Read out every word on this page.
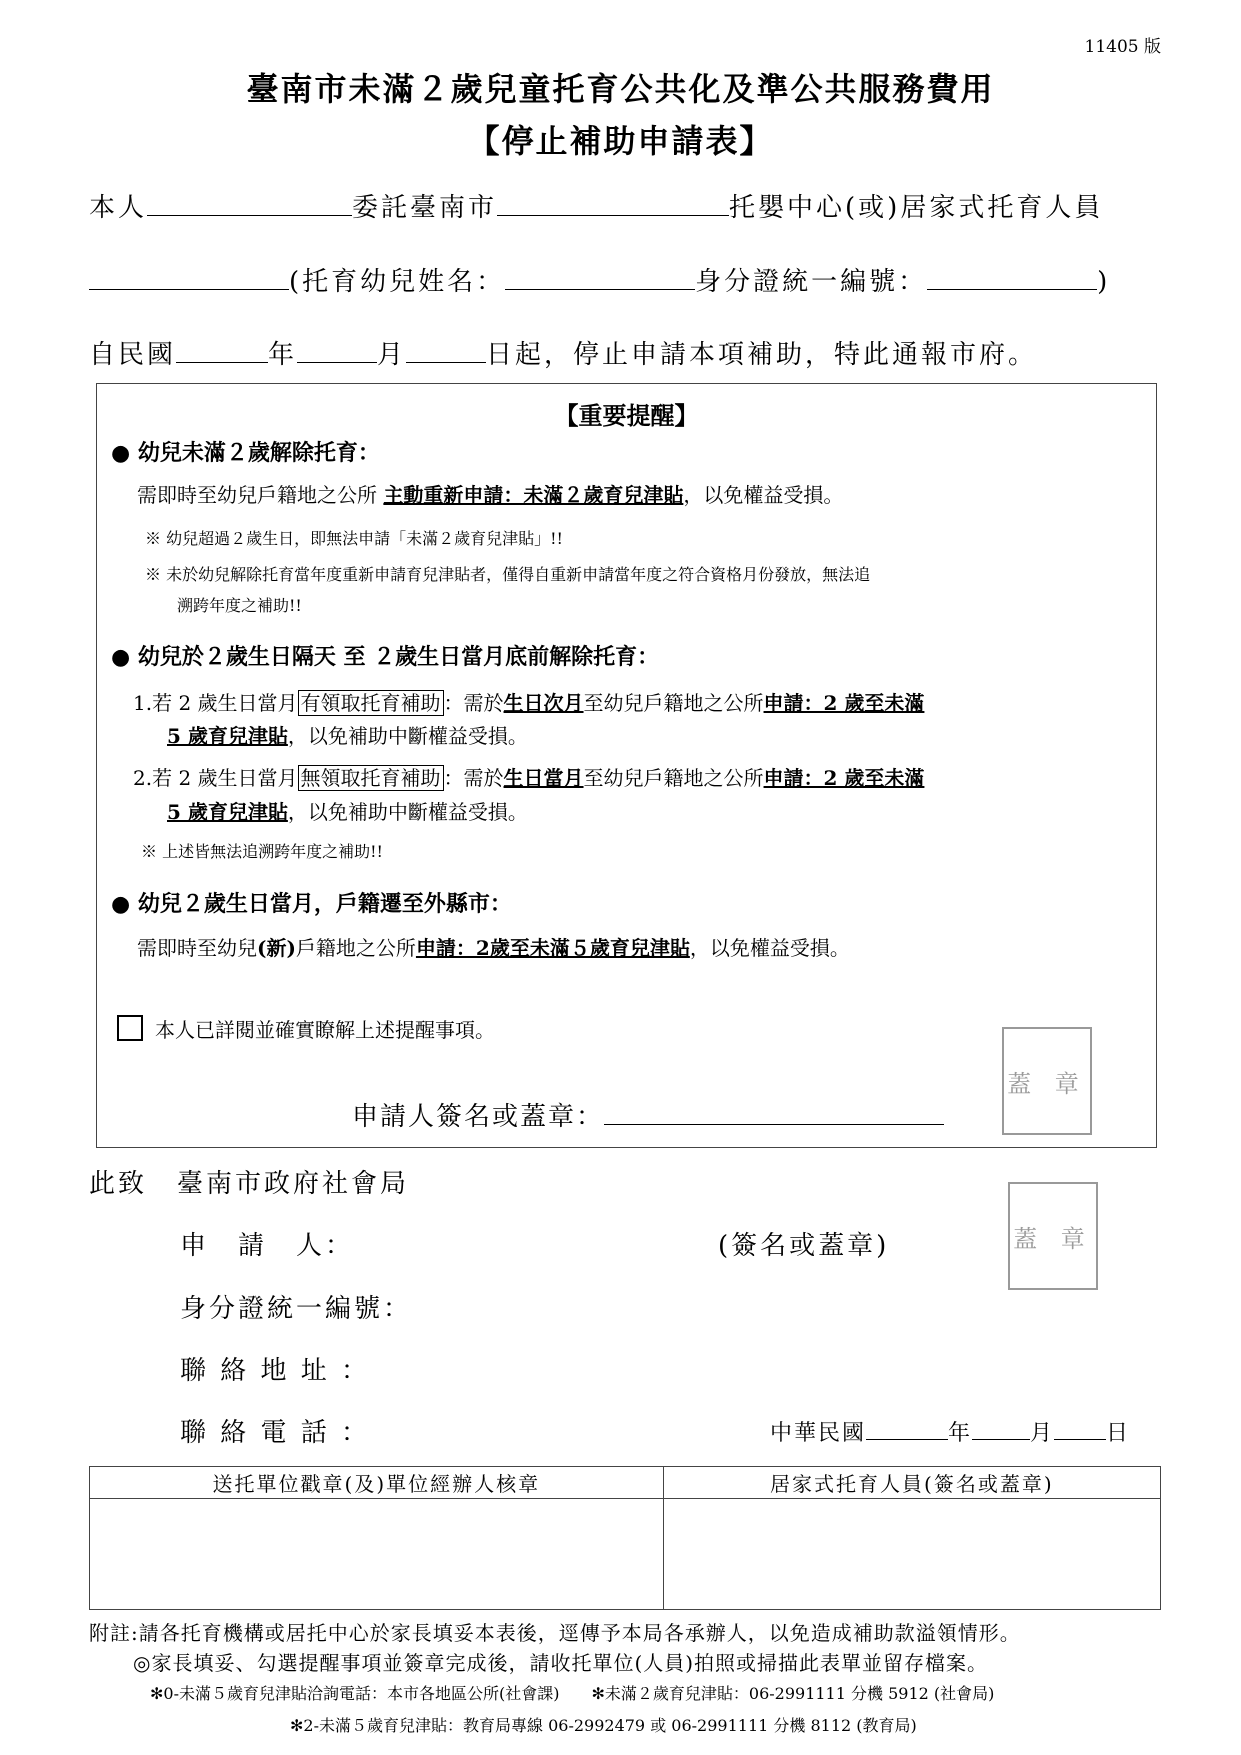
11405 版
臺南市未滿２歲兒童托育公共化及準公共服務費用
【停止補助申請表】
本人	委託臺南市	托嬰中心(或)居家式托育人員
(托育幼兒姓名：	身分證統一編號：	)
自民國	年	月	日起，停止申請本項補助，特此通報市府。
【重要提醒】
● 幼兒未滿２歲解除托育：
需即時至幼兒戶籍地之公所 主動重新申請：未滿２歲育兒津貼，以免權益受損。
※ 幼兒超過２歲生日，即無法申請「未滿２歲育兒津貼」!!
※ 未於幼兒解除托育當年度重新申請育兒津貼者，僅得自重新申請當年度之符合資格月份發放，無法追
溯跨年度之補助!!
● 幼兒於２歲生日隔天 至 ２歲生日當月底前解除托育：
1.若 2 歲生日當月 有領取托育補助 ：需於生日次月至幼兒戶籍地之公所申請：2 歲至未滿
5 歲育兒津貼，以免補助中斷權益受損。
2.若 2 歲生日當月 無領取托育補助 ：需於生日當月至幼兒戶籍地之公所申請：2 歲至未滿
5 歲育兒津貼，以免補助中斷權益受損。
※ 上述皆無法追溯跨年度之補助!!
● 幼兒２歲生日當月，戶籍遷至外縣市：
需即時至幼兒(新)戶籍地之公所申請：2歲至未滿５歲育兒津貼，以免權益受損。
本人已詳閱並確實瞭解上述提醒事項。
申請人簽名或蓋章：
蓋 章
此致 臺南市政府社會局
申　請　人：	(簽名或蓋章)	蓋 章
身分證統一編號：
聯 絡 地 址 ：
聯 絡 電 話 ：	中華民國	年	月 日
送托單位戳章(及)單位經辦人核章	居家式托育人員(簽名或蓋章)

附註:請各托育機構或居托中心於家長填妥本表後，逕傳予本局各承辦人，以免造成補助款溢領情形。
◎家長填妥、勾選提醒事項並簽章完成後，請收托單位(人員)拍照或掃描此表單並留存檔案。
✻0-未滿５歲育兒津貼洽詢電話：本市各地區公所(社會課)　　✻未滿２歲育兒津貼：06-2991111 分機 5912 (社會局)
✻2-未滿５歲育兒津貼：教育局專線 06-2992479 或 06-2991111 分機 8112 (教育局)
